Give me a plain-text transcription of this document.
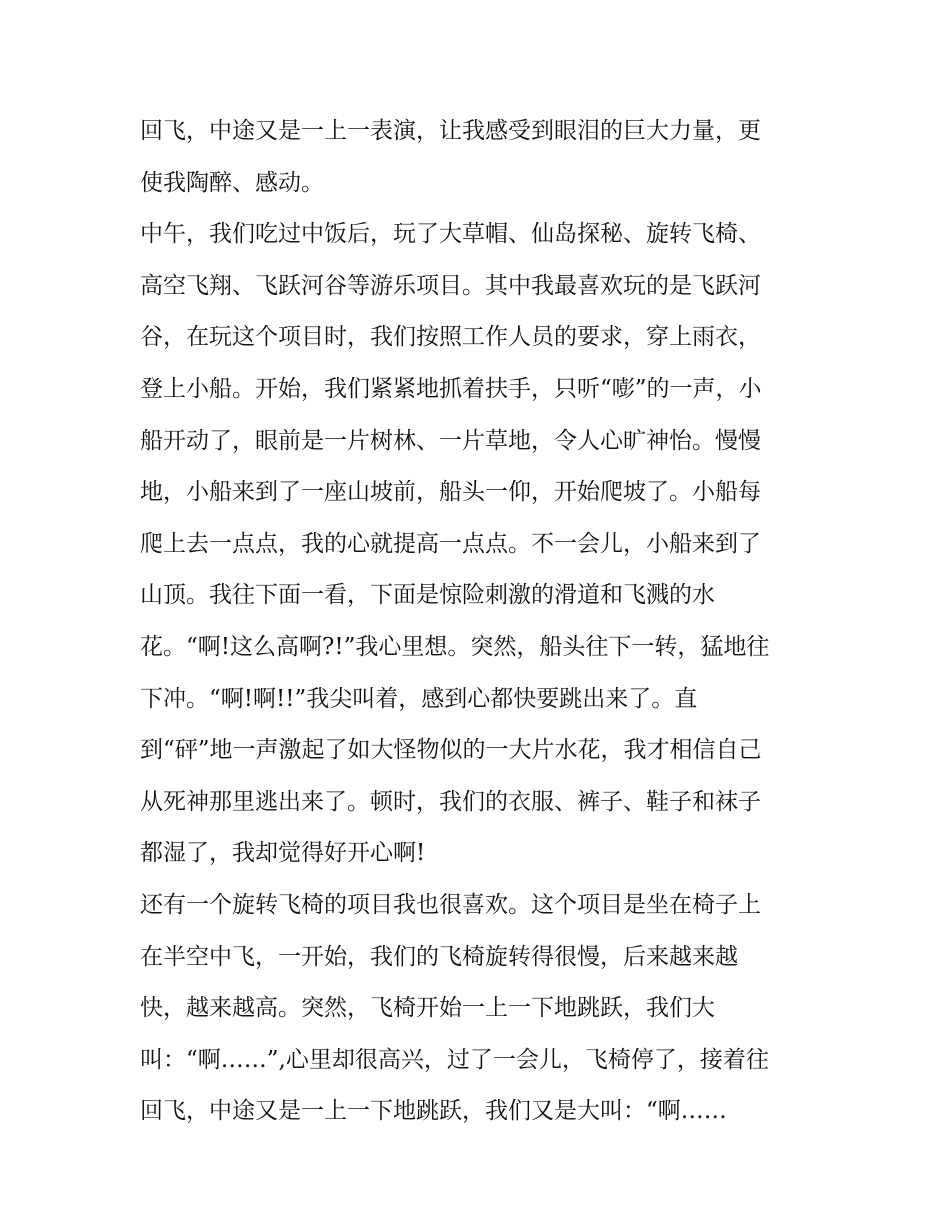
回飞，中途又是一上一表演，让我感受到眼泪的巨大力量，更
使我陶醉、感动。
中午，我们吃过中饭后，玩了大草帽、仙岛探秘、旋转飞椅、
高空飞翔、飞跃河谷等游乐项目。其中我最喜欢玩的是飞跃河
谷，在玩这个项目时，我们按照工作人员的要求，穿上雨衣，
登上小船。开始，我们紧紧地抓着扶手，只听“嘭”的一声，小
船开动了，眼前是一片树林、一片草地，令人心旷神怡。慢慢
地，小船来到了一座山坡前，船头一仰，开始爬坡了。小船每
爬上去一点点，我的心就提高一点点。不一会儿，小船来到了
山顶。我往下面一看，下面是惊险刺激的滑道和飞溅的水
花。“啊!这么高啊?!”我心里想。突然，船头往下一转，猛地往
下冲。“啊!啊!!”我尖叫着，感到心都快要跳出来了。直
到“砰”地一声激起了如大怪物似的一大片水花，我才相信自己
从死神那里逃出来了。顿时，我们的衣服、裤子、鞋子和袜子
都湿了，我却觉得好开心啊!
还有一个旋转飞椅的项目我也很喜欢。这个项目是坐在椅子上
在半空中飞，一开始，我们的飞椅旋转得很慢，后来越来越
快，越来越高。突然，飞椅开始一上一下地跳跃，我们大
叫：“啊……”,心里却很高兴，过了一会儿，飞椅停了，接着往
回飞，中途又是一上一下地跳跃，我们又是大叫：“啊……
